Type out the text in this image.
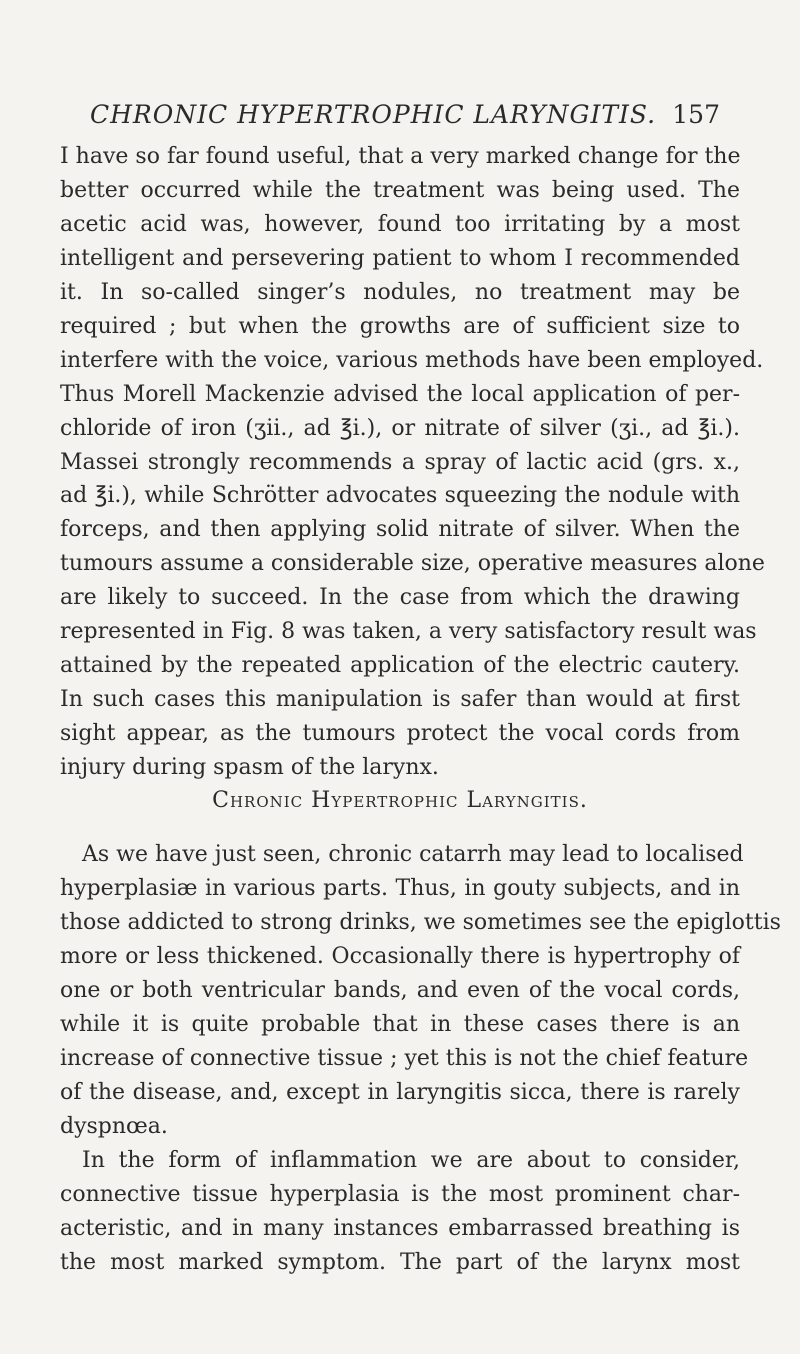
CHRONIC HYPERTROPHIC LARYNGITIS. 157
I have so far found useful, that a very marked change for the
better occurred while the treatment was being used. The
acetic acid was, however, found too irritating by a most
intelligent and persevering patient to whom I recommended
it. In so-called singer’s nodules, no treatment may be
required ; but when the growths are of sufficient size to
interfere with the voice, various methods have been employed.
Thus Morell Mackenzie advised the local application of per-
chloride of iron (ʒii., ad ℥i.), or nitrate of silver (ʒi., ad ℥i.).
Massei strongly recommends a spray of lactic acid (grs. x.,
ad ℥i.), while Schrötter advocates squeezing the nodule with
forceps, and then applying solid nitrate of silver. When the
tumours assume a considerable size, operative measures alone
are likely to succeed. In the case from which the drawing
represented in Fig. 8 was taken, a very satisfactory result was
attained by the repeated application of the electric cautery.
In such cases this manipulation is safer than would at first
sight appear, as the tumours protect the vocal cords from
injury during spasm of the larynx.
Chronic Hypertrophic Laryngitis.
As we have just seen, chronic catarrh may lead to localised
hyperplasiæ in various parts. Thus, in gouty subjects, and in
those addicted to strong drinks, we sometimes see the epiglottis
more or less thickened. Occasionally there is hypertrophy of
one or both ventricular bands, and even of the vocal cords,
while it is quite probable that in these cases there is an
increase of connective tissue ; yet this is not the chief feature
of the disease, and, except in laryngitis sicca, there is rarely
dyspnœa.
In the form of inflammation we are about to consider,
connective tissue hyperplasia is the most prominent char-
acteristic, and in many instances embarrassed breathing is
the most marked symptom. The part of the larynx most
